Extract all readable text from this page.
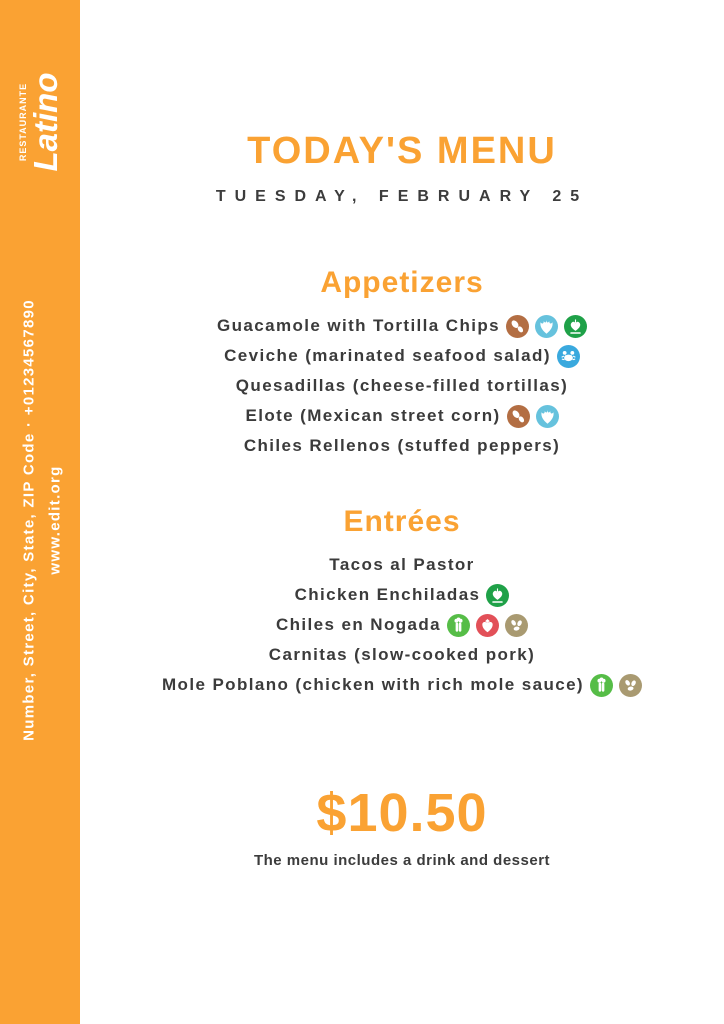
RESTAURANTE Latino
Number, Street, City, State, ZIP Code · +01234567890 www.edit.org
TODAY'S MENU
TUESDAY, FEBRUARY 25
Appetizers
Guacamole with Tortilla Chips
Ceviche (marinated seafood salad)
Quesadillas (cheese-filled tortillas)
Elote (Mexican street corn)
Chiles Rellenos (stuffed peppers)
Entrées
Tacos al Pastor
Chicken Enchiladas
Chiles en Nogada
Carnitas (slow-cooked pork)
Mole Poblano (chicken with rich mole sauce)
$10.50
The menu includes a drink and dessert
